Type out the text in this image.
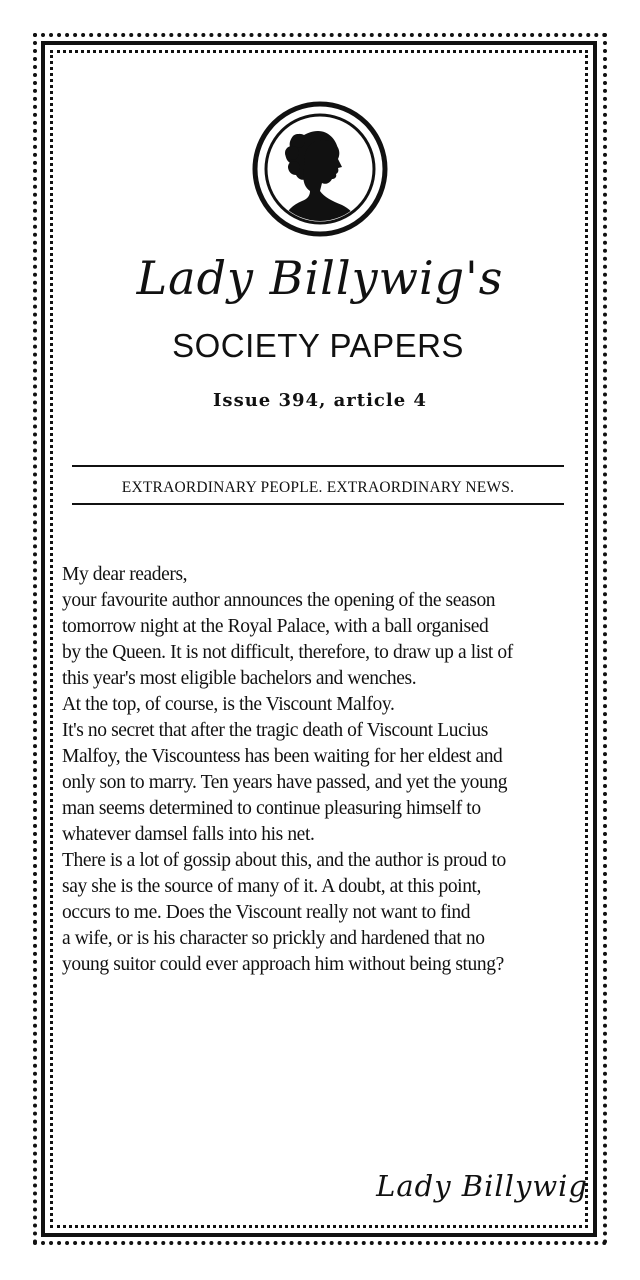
Lady Billywig's
SOCIETY PAPERS
Issue 394, article 4
EXTRAORDINARY PEOPLE. EXTRAORDINARY NEWS.
My dear readers,
your favourite author announces the opening of the season
tomorrow night at the Royal Palace, with a ball organised
by the Queen. It is not difficult, therefore, to draw up a list of
this year's most eligible bachelors and wenches.
At the top, of course, is the Viscount Malfoy.
It's no secret that after the tragic death of Viscount Lucius
Malfoy, the Viscountess has been waiting for her eldest and
only son to marry. Ten years have passed, and yet the young
man seems determined to continue pleasuring himself to
whatever damsel falls into his net.
There is a lot of gossip about this, and the author is proud to
say she is the source of many of it. A doubt, at this point,
occurs to me. Does the Viscount really not want to find
a wife, or is his character so prickly and hardened that no
young suitor could ever approach him without being stung?
Lady Billywig
